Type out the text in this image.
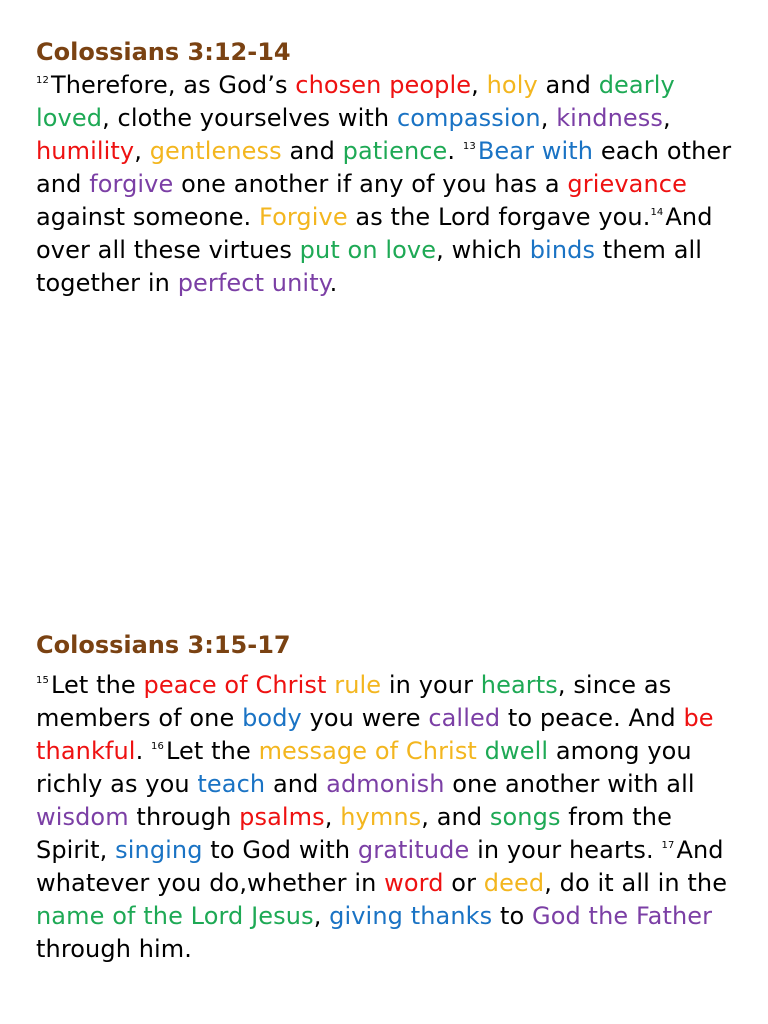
Colossians 3:12-14

$^{12}$Therefore, as God’s chosen people, holy and dearly loved, clothe yourselves with compassion, kindness, humility, gentleness and patience. $^{13}$Bear with each other and forgive one another if any of you has a grievance against someone. Forgive as the Lord forgave you.$^{14}$And over all these virtues put on love, which binds them all together in perfect unity.

Colossians 3:15-17

$^{15}$Let the peace of Christ rule in your hearts, since as members of one body you were called to peace. And be thankful. $^{16}$Let the message of Christ dwell among you richly as you teach and admonish one another with all wisdom through psalms, hymns, and songs from the Spirit, singing to God with gratitude in your hearts. $^{17}$And whatever you do,whether in word or deed, do it all in the name of the Lord Jesus, giving thanks to God the Father through him.
